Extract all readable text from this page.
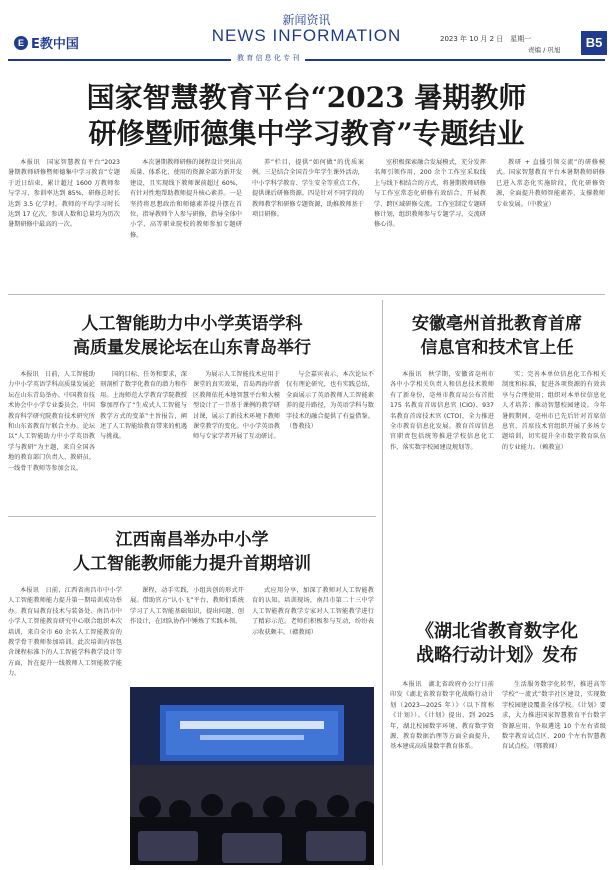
E E教中国
新闻资讯
NEWS INFORMATION	2023 年 10 月 2 日　星期一
责编 / 巩旭	B5
教 育 信 息 化 专 刊
国家智慧教育平台“2023 暑期教师
研修暨师德集中学习教育”专题结业

本报讯　国家智慧教育平台“2023 暑期教师研修暨师德集中学习教育”专题于近日结束，累计超过 1600 万教师参与学习，参训率达到 85%，研修总时长达到 3.5 亿学时。教师的平均学习时长达到 17 亿次，参训人数和总量均为历次暑期研修中最高的一次。

本次暑期教师研修的课程设计突出高质量、体系化、使用的资源全部为新开发建设，且实现线下教师课前超过 60%，有针对性地帮助教师提升核心素养。一是坚持将思想政治和师德素养提升摆在首位，指导教师个人参与研修，指导全体中小学、高等职业院校的教师参加专题研修。

养”栏目，提供“如何做”的优质案例。三是结合全国青少年学生课外活动，中小学科学教育、学生安全等重点工作，提供课后研修资源。四是针对不同学段的教师教学和研修专题资源，助推教师基于项目研修。

室积极探索融合发展模式，充分发挥名师引领作用，200 余个工作室采取线上与线下相结合的方式，将暑期教师研修与工作室常态化研修有效结合，开展教学、跨区域研修交流。工作室制定专题研修计划，组织教师参与专题学习，交流研修心得。

教研 + 直播引领交流”的研修模式。国家智慧教育平台本暑期教师研修已进入常态化实施阶段，优化研修资源，全面提升教师智能素养，支撑教师专业发展。（中教宣）

人工智能助力中小学英语学科
高质量发展论坛在山东青岛举行

本报讯　日前，人工智能助力中小学英语学科高质量发展论坛在山东青岛举办。中国教育技术协会中小学专业委员会、中国教育科学研究院教育技术研究所和山东省教育厅联合主办。论坛以“人工智能助力中小学英语教学与教研”为主题，来自全国各地的教育部门负责人、教研员、一线骨干教师等参加会议。

国的目标、任务和要求，深刻剖析了数字化教育的潜力和作用。上海师范大学教育学院教授黎加厚作了“生成式人工智能与教学方式的变革”主旨报告，阐述了人工智能给教育带来的机遇与挑战。

为展示人工智能技术应用于课堂的真实效果，青岛西海岸新区教师依托本地智慧平台和大模型设计了一节基于课例的教学研讨课，展示了新技术环境下教师课堂教学的变化。中小学英语教师与专家学者开展了互动研讨。

与会嘉宾表示，本次论坛不仅有理论研究，也有实践总结，全面展示了英语教师人工智能素养的提升路径，为英语学科与数字技术的融合提供了有益借鉴。（鲁教技）

安徽亳州首批教育首席
信息官和技术官上任

本报讯　秋学期，安徽省亳州市各中小学相关负责人和信息技术教师有了新身份，亳州市教育局公布首批 175 名教育首席信息官 (CIO)、937 名教育首席技术官 (CTO)，全力推进全市教育信息化发展。教育首席信息官职责包括统筹推进学校信息化工作，落实数字校园建设规划等。

实；完善本单位信息化工作相关制度和标准，促进各项资源的有效共享与合理使用；组织对本单位信息化人才培养；推动智慧校园建设。今年暑假期间，亳州市已先后针对首席信息官、首席技术官组织开展了多场专题培训，切实提升全市数字教育队伍的专业能力。（赖教宣）

江西南昌举办中小学
人工智能教师能力提升首期培训

本报讯　日前，江西省南昌市中小学人工智能教师能力提升第一期培训成功举办。教育局教育技术与装备处、南昌市中小学人工智能教育研究中心联合组织本次培训，来自全市 60 余名人工智能教育的教学骨干教师参加培训。此次培训内容包含课程标准下的人工智能学科教学设计等方面，旨在提升一线教师人工智能教学能力。

课程，动手实践，小组共创的形式开展。借助官方“认小飞”平台，教师们系统学习了人工智能基础知识，提出问题、创作设计，在团队协作中锤炼了实践本领。

式应用分享，加深了教师对人工智能教育的认知。培训现场，南昌市第二十三中学人工智能教育教学专家对人工智能教学进行了精彩示范。老师们积极参与互动，纷纷表示收获颇丰。（赣教闻）	《湖北省教育数字化
战略行动计划》发布

本报讯　湖北省政府办公厅日前印发《湖北省教育数字化战略行动计划（2023—2025 年）》（以下简称《计划》）。《计划》提出，到 2025 年，湖北校园数字环境、教育数字资源、教育数据治理等方面全面提升，基本建成高质量数字教育体系。

生活服务数字化转型，推进高等学校“一流式”数字社区建设，实现数字校园建设覆盖全体学校。《计划》要求，大力推进国家智慧教育平台数字资源应用，争取遴选 10 个左右省级数字教育试点区、200 个左右智慧教育试点校。（鄂教闻）
